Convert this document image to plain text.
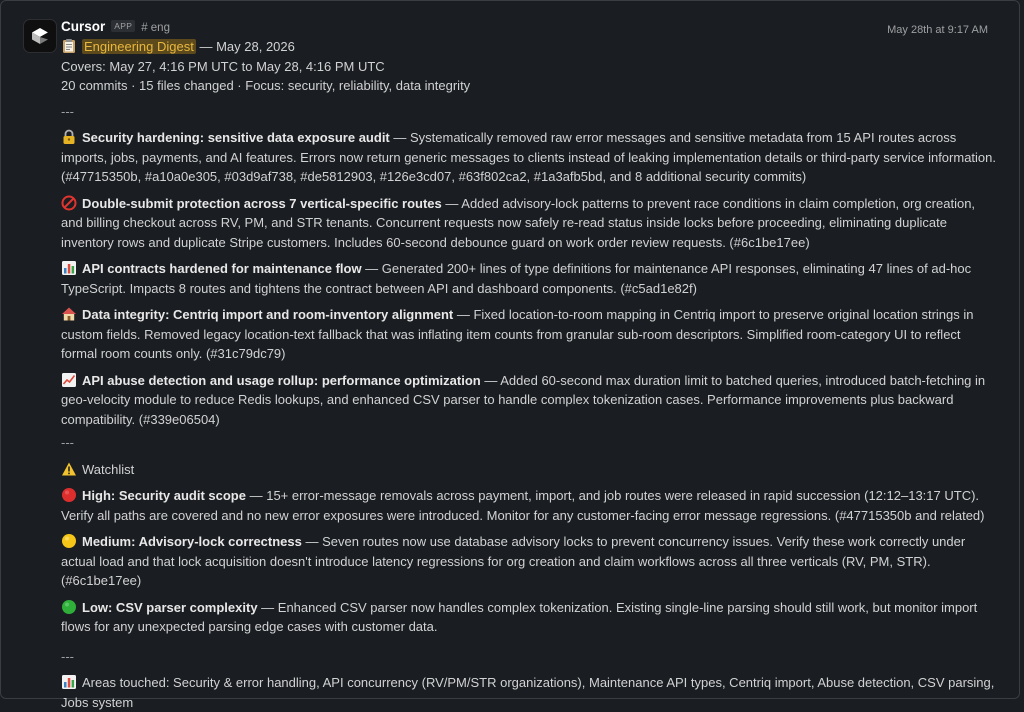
Cursor	APP # eng	May 28th at 9:17 AM
Engineering Digest — May 28, 2026
Covers: May 27, 4:16 PM UTC to May 28, 4:16 PM UTC
20 commits · 15 files changed · Focus: security, reliability, data integrity
---
Security hardening: sensitive data exposure audit — Systematically removed raw error messages and sensitive metadata from 15 API routes across imports, jobs, payments, and AI features. Errors now return generic messages to clients instead of leaking implementation details or third-party service information. (#47715350b, #a10a0e305, #03d9af738, #de5812903, #126e3cd07, #63f802ca2, #1a3afb5bd, and 8 additional security commits)
Double-submit protection across 7 vertical-specific routes — Added advisory-lock patterns to prevent race conditions in claim completion, org creation, and billing checkout across RV, PM, and STR tenants. Concurrent requests now safely re-read status inside locks before proceeding, eliminating duplicate inventory rows and duplicate Stripe customers. Includes 60-second debounce guard on work order review requests. (#6c1be17ee)
API contracts hardened for maintenance flow — Generated 200+ lines of type definitions for maintenance API responses, eliminating 47 lines of ad-hoc TypeScript. Impacts 8 routes and tightens the contract between API and dashboard components. (#c5ad1e82f)
Data integrity: Centriq import and room-inventory alignment — Fixed location-to-room mapping in Centriq import to preserve original location strings in custom fields. Removed legacy location-text fallback that was inflating item counts from granular sub-room descriptors. Simplified room-category UI to reflect formal room counts only. (#31c79dc79)
API abuse detection and usage rollup: performance optimization — Added 60-second max duration limit to batched queries, introduced batch-fetching in geo-velocity module to reduce Redis lookups, and enhanced CSV parser to handle complex tokenization cases. Performance improvements plus backward compatibility. (#339e06504)
---
Watchlist
High: Security audit scope — 15+ error-message removals across payment, import, and job routes were released in rapid succession (12:12–13:17 UTC). Verify all paths are covered and no new error exposures were introduced. Monitor for any customer-facing error message regressions. (#47715350b and related)
Medium: Advisory-lock correctness — Seven routes now use database advisory locks to prevent concurrency issues. Verify these work correctly under actual load and that lock acquisition doesn't introduce latency regressions for org creation and claim workflows across all three verticals (RV, PM, STR). (#6c1be17ee)
Low: CSV parser complexity — Enhanced CSV parser now handles complex tokenization. Existing single-line parsing should still work, but monitor import flows for any unexpected parsing edge cases with customer data.
---
Areas touched: Security & error handling, API concurrency (RV/PM/STR organizations), Maintenance API types, Centriq import, Abuse detection, CSV parsing, Jobs system
